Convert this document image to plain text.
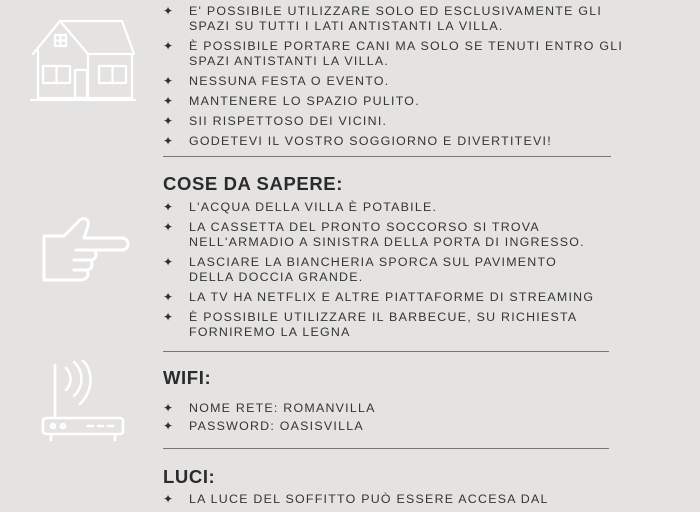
✦ E' POSSIBILE UTILIZZARE SOLO ED ESCLUSIVAMENTE GLI SPAZI SU TUTTI I LATI ANTISTANTI LA VILLA.
✦ È POSSIBILE PORTARE CANI MA SOLO SE TENUTI ENTRO GLI SPAZI ANTISTANTI LA VILLA.
✦ NESSUNA FESTA O EVENTO.
✦ MANTENERE LO SPAZIO PULITO.
✦ SII RISPETTOSO DEI VICINI.
✦ GODETEVI IL VOSTRO SOGGIORNO E DIVERTITEVI!
COSE DA SAPERE:
✦ L'ACQUA DELLA VILLA È POTABILE.
✦ LA CASSETTA DEL PRONTO SOCCORSO SI TROVA NELL'ARMADIO A SINISTRA DELLA PORTA DI INGRESSO.
✦ LASCIARE LA BIANCHERIA SPORCA SUL PAVIMENTO DELLA DOCCIA GRANDE.
✦ LA TV HA NETFLIX E ALTRE PIATTAFORME DI STREAMING
✦ È POSSIBILE UTILIZZARE IL BARBECUE, SU RICHIESTA FORNIREMO LA LEGNA
WIFI:
✦ NOME RETE: ROMANVILLA
✦ PASSWORD: OASISVILLA
LUCI:
✦ LA LUCE DEL SOFFITTO PUÒ ESSERE ACCESA DAL
